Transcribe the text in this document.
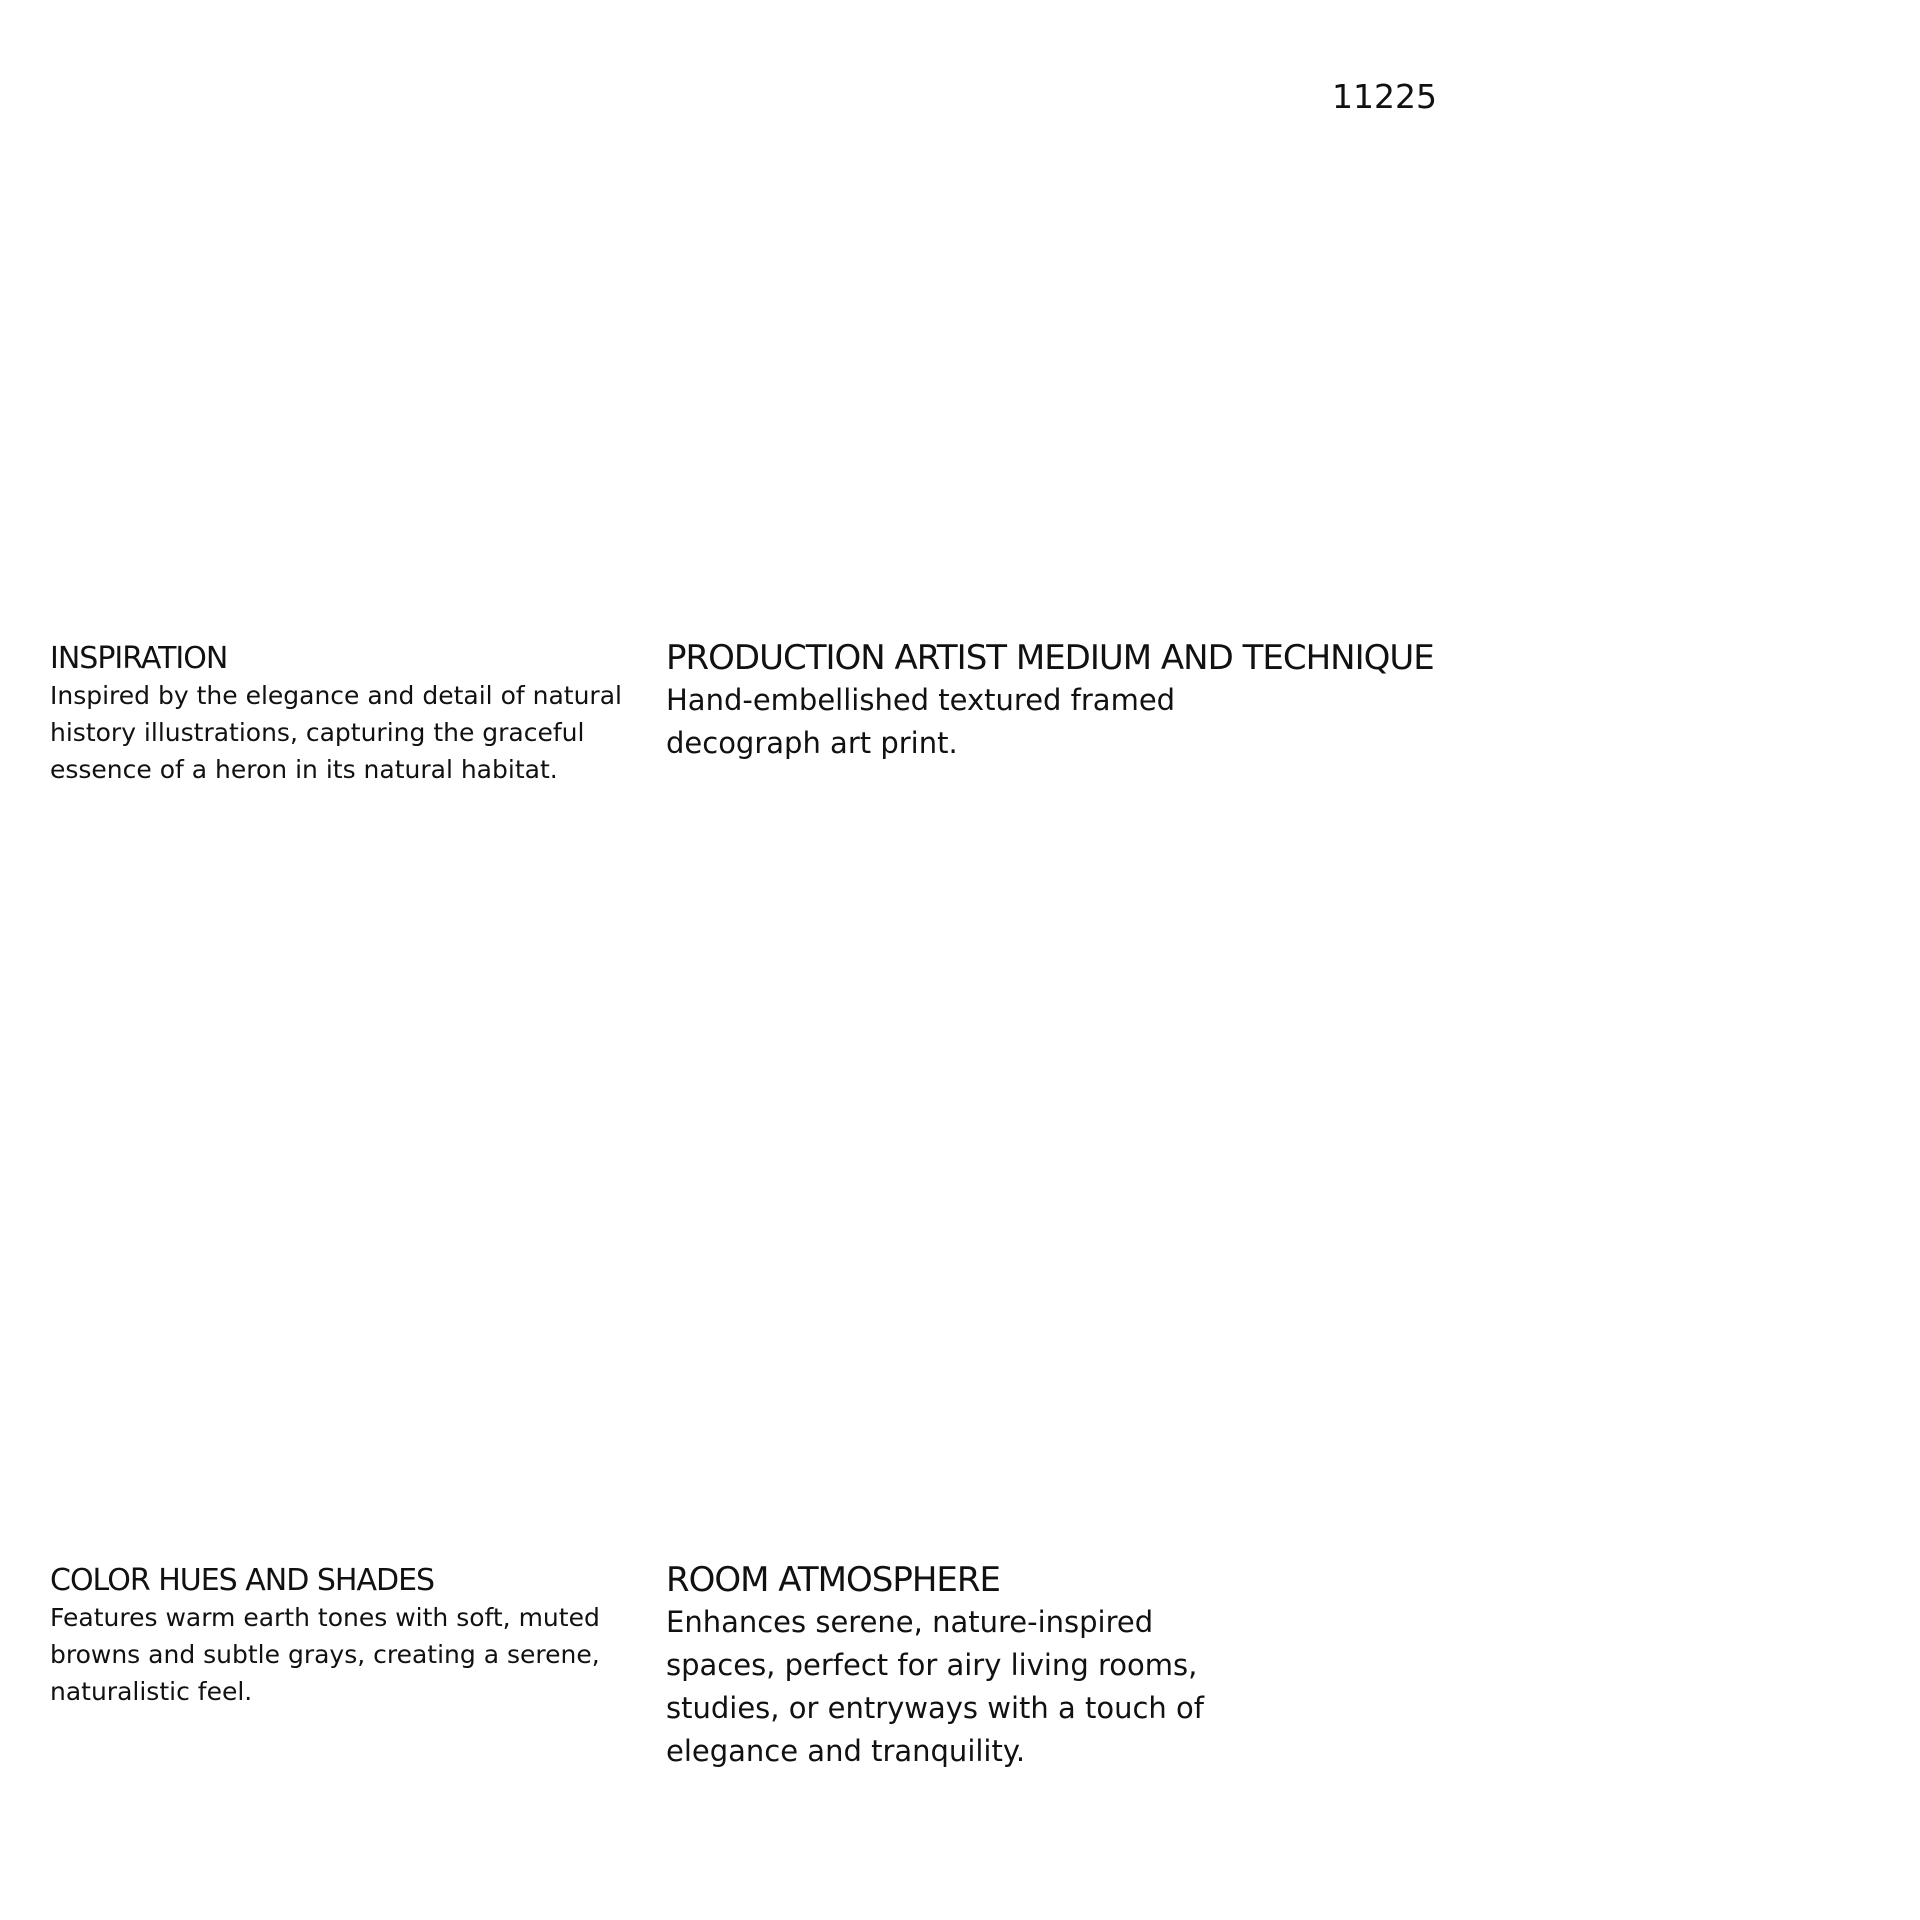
11225
INSPIRATION

Inspired by the elegance and detail of natural history illustrations, capturing the graceful essence of a heron in its natural habitat.

PRODUCTION ARTIST MEDIUM AND TECHNIQUE

Hand-embellished textured framed decograph art print.

COLOR HUES AND SHADES

Features warm earth tones with soft, muted browns and subtle grays, creating a serene, naturalistic feel.

ROOM ATMOSPHERE

Enhances serene, nature-inspired spaces, perfect for airy living rooms, studies, or entryways with a touch of elegance and tranquility.
